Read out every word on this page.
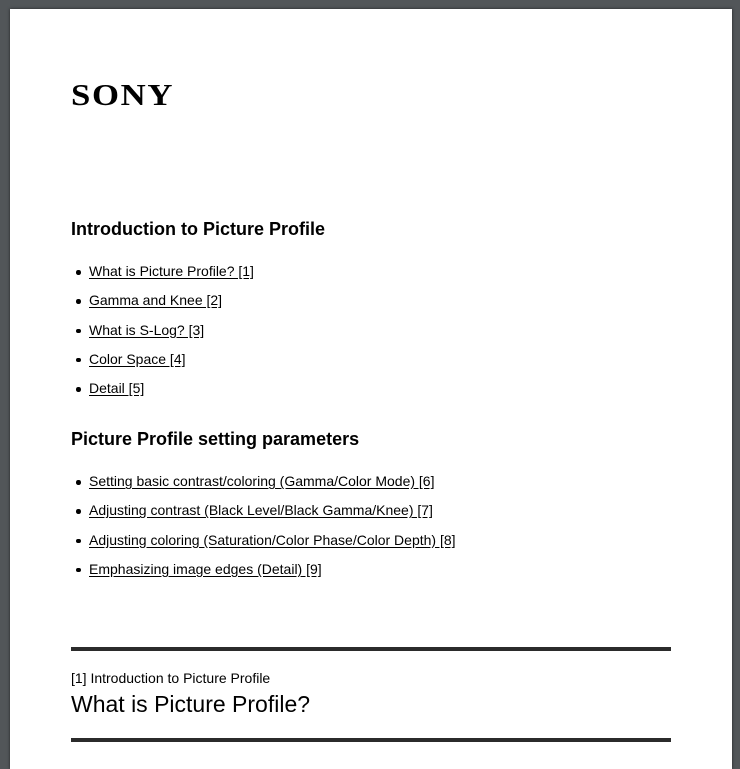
SONY
Introduction to Picture Profile
What is Picture Profile? [1]
Gamma and Knee [2]
What is S-Log? [3]
Color Space [4]
Detail [5]
Picture Profile setting parameters
Setting basic contrast/coloring (Gamma/Color Mode) [6]
Adjusting contrast (Black Level/Black Gamma/Knee) [7]
Adjusting coloring (Saturation/Color Phase/Color Depth) [8]
Emphasizing image edges (Detail) [9]
[1] Introduction to Picture Profile
What is Picture Profile?
